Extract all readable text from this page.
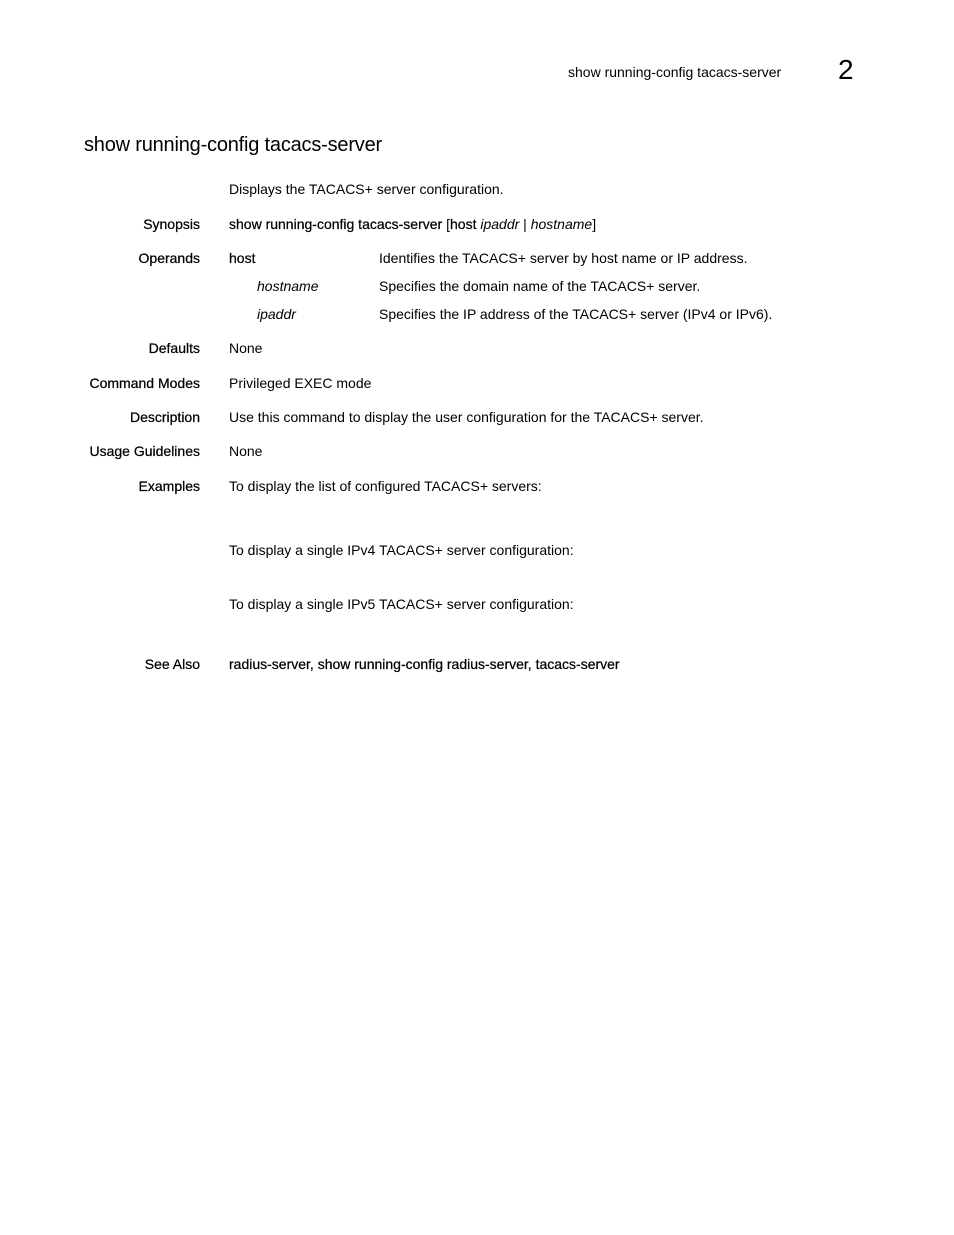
show running-config tacacs-server 2
show running-config tacacs-server
Displays the TACACS+ server configuration.
Synopsis show running-config tacacs-server [host ipaddr | hostname]
Operands host	Identifies the TACACS+ server by host name or IP address.
hostname	Specifies the domain name of the TACACS+ server.
ipaddr	Specifies the IP address of the TACACS+ server (IPv4 or IPv6).
Defaults None
Command Modes Privileged EXEC mode
Description Use this command to display the user configuration for the TACACS+ server.
Usage Guidelines None
Examples To display the list of configured TACACS+ servers:
To display a single IPv4 TACACS+ server configuration:
To display a single IPv5 TACACS+ server configuration:
See Also radius-server, show running-config radius-server, tacacs-server
